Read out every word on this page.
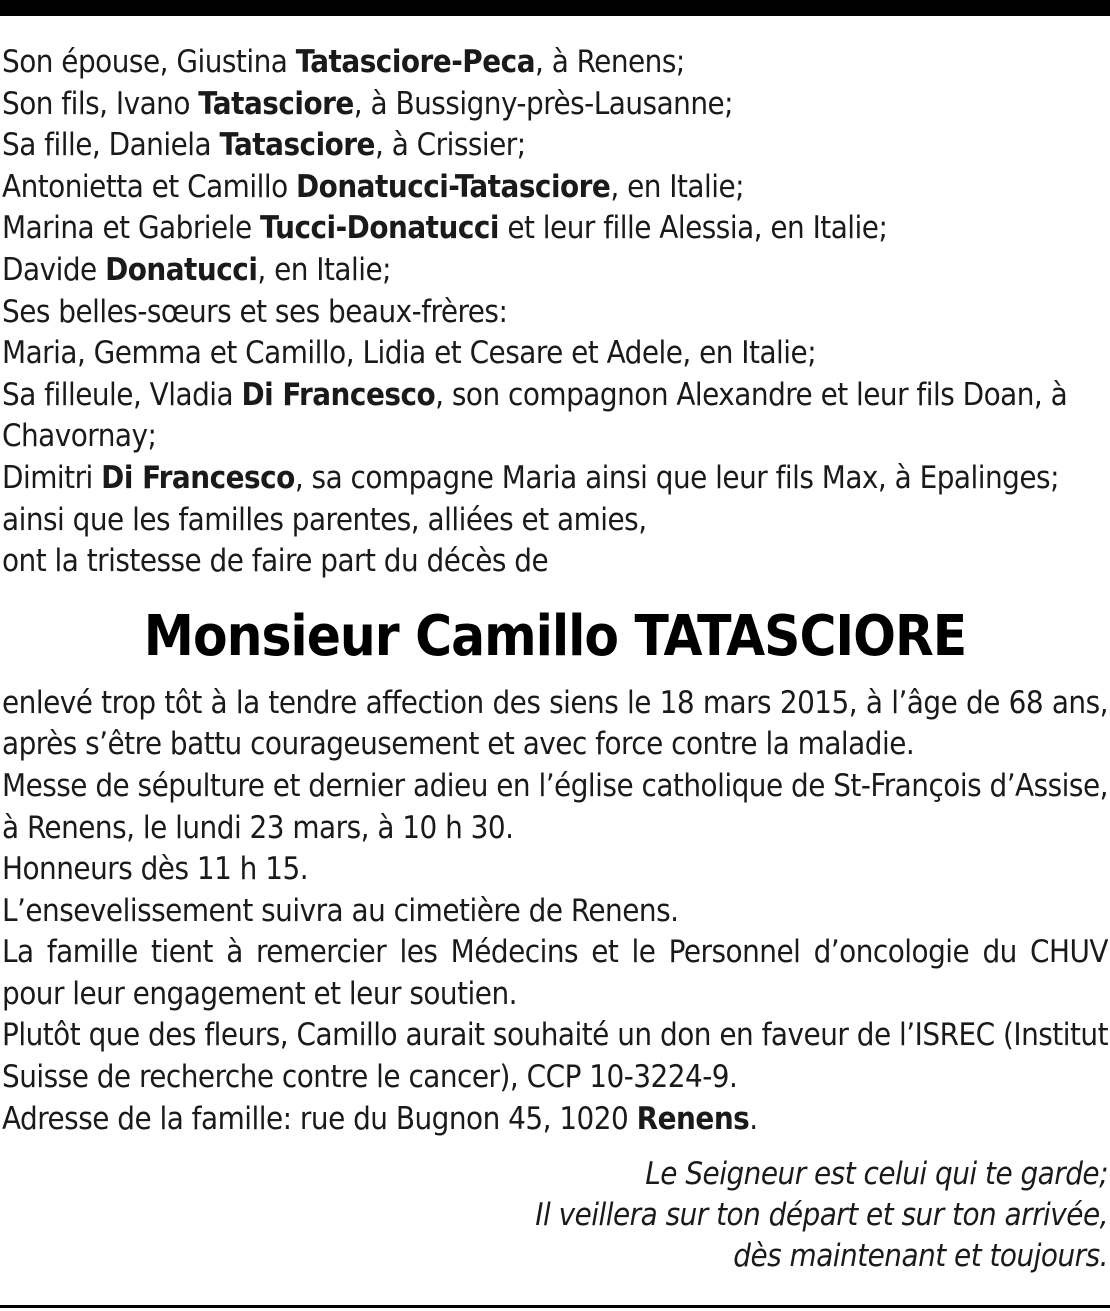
Son épouse, Giustina Tatasciore-Peca, à Renens;
Son fils, Ivano Tatasciore, à Bussigny-près-Lausanne;
Sa fille, Daniela Tatasciore, à Crissier;
Antonietta et Camillo Donatucci-Tatasciore, en Italie;
Marina et Gabriele Tucci-Donatucci et leur fille Alessia, en Italie;
Davide Donatucci, en Italie;
Ses belles-sœurs et ses beaux-frères:
Maria, Gemma et Camillo, Lidia et Cesare et Adele, en Italie;
Sa filleule, Vladia Di Francesco, son compagnon Alexandre et leur fils Doan, à Chavornay;
Dimitri Di Francesco, sa compagne Maria ainsi que leur fils Max, à Epalinges;
ainsi que les familles parentes, alliées et amies,
ont la tristesse de faire part du décès de
Monsieur Camillo TATASCIORE

enlevé trop tôt à la tendre affection des siens le 18 mars 2015, à l’âge de 68 ans, après s’être battu courageusement et avec force contre la maladie.

Messe de sépulture et dernier adieu en l’église catholique de St-François d’Assise, à Renens, le lundi 23 mars, à 10 h 30.

Honneurs dès 11 h 15.

L’ensevelissement suivra au cimetière de Renens.

La famille tient à remercier les Médecins et le Personnel d’oncologie du CHUV pour leur engagement et leur soutien.

Plutôt que des fleurs, Camillo aurait souhaité un don en faveur de l’ISREC (Institut Suisse de recherche contre le cancer), CCP 10-3224-9.

Adresse de la famille: rue du Bugnon 45, 1020 Renens.

Le Seigneur est celui qui te garde;
Il veillera sur ton départ et sur ton arrivée,
dès maintenant et toujours.
